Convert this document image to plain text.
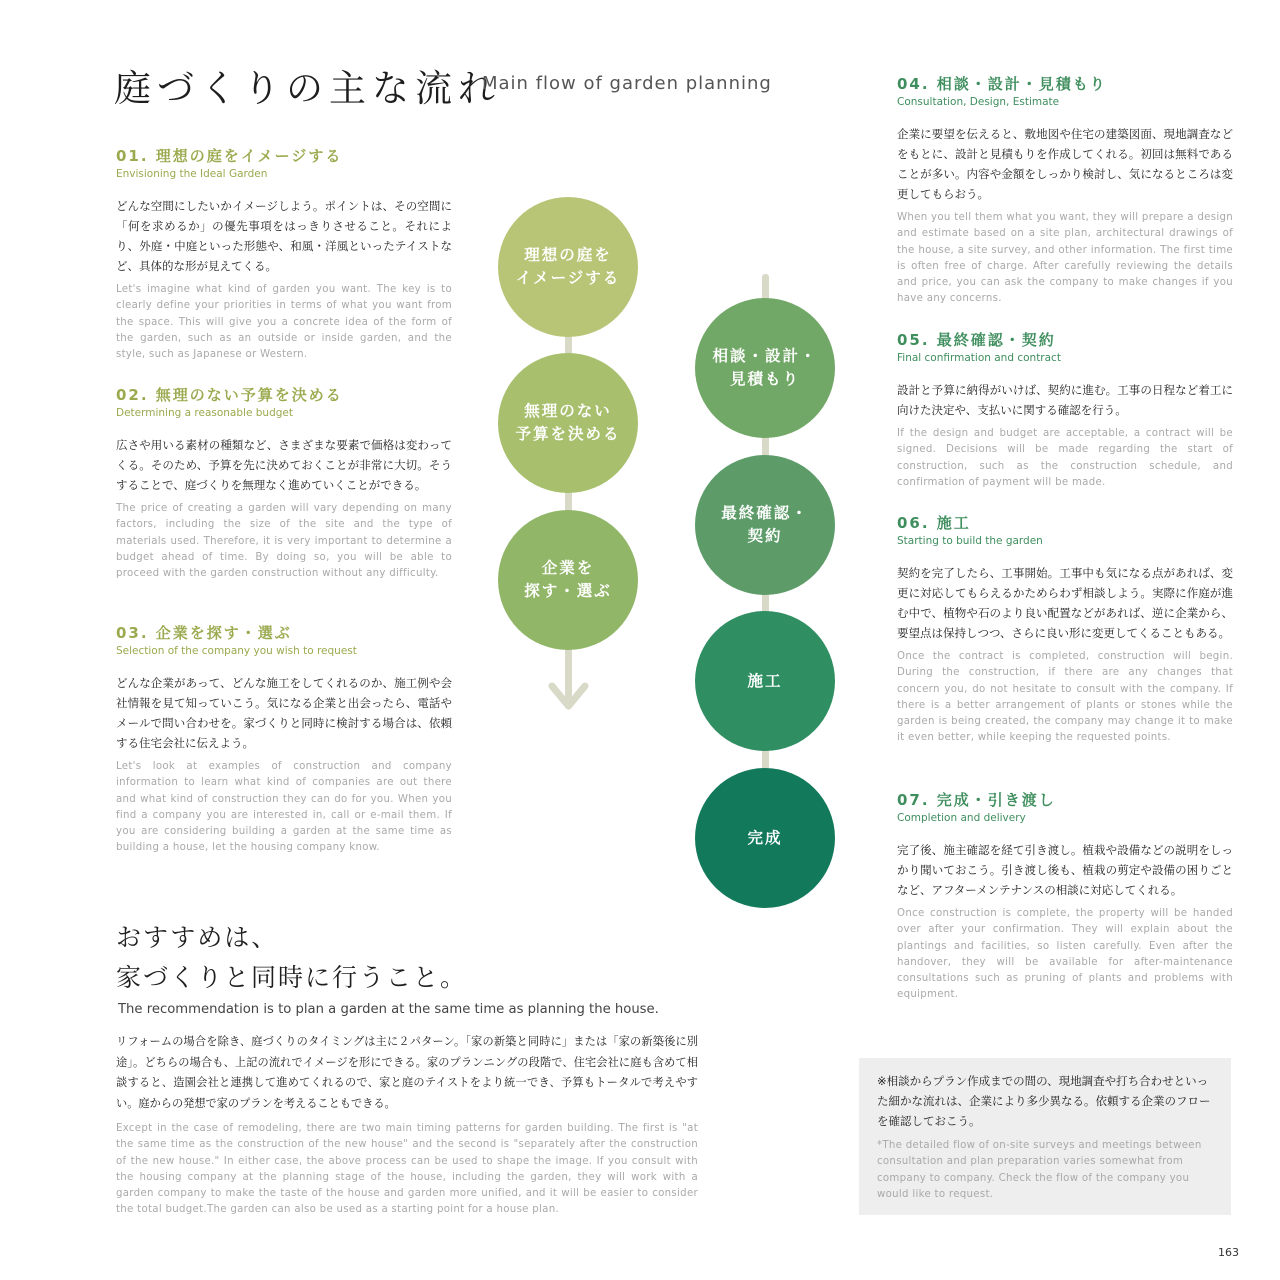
庭づくりの主な流れ
Main flow of garden planning
01. 理想の庭をイメージする
Envisioning the Ideal Garden
どんな空間にしたいかイメージしよう。ポイントは、その空間に「何を求めるか」の優先事項をはっきりさせること。それにより、外庭・中庭といった形態や、和風・洋風といったテイストなど、具体的な形が見えてくる。
Let's imagine what kind of garden you want. The key is to clearly define your priorities in terms of what you want from the space. This will give you a concrete idea of the form of the garden, such as an outside or inside garden, and the style, such as Japanese or Western.
02. 無理のない予算を決める
Determining a reasonable budget
広さや用いる素材の種類など、さまざまな要素で価格は変わってくる。そのため、予算を先に決めておくことが非常に大切。そうすることで、庭づくりを無理なく進めていくことができる。
The price of creating a garden will vary depending on many factors, including the size of the site and the type of materials used. Therefore, it is very important to determine a budget ahead of time. By doing so, you will be able to proceed with the garden construction without any difficulty.
03. 企業を探す・選ぶ
Selection of the company you wish to request
どんな企業があって、どんな施工をしてくれるのか、施工例や会社情報を見て知っていこう。気になる企業と出会ったら、電話やメールで問い合わせを。家づくりと同時に検討する場合は、依頼する住宅会社に伝えよう。
Let's look at examples of construction and company information to learn what kind of companies are out there and what kind of construction they can do for you. When you find a company you are interested in, call or e-mail them. If you are considering building a garden at the same time as building a house, let the housing company know.
04. 相談・設計・見積もり
Consultation, Design, Estimate
企業に要望を伝えると、敷地図や住宅の建築図面、現地調査などをもとに、設計と見積もりを作成してくれる。初回は無料であることが多い。内容や金額をしっかり検討し、気になるところは変更してもらおう。
When you tell them what you want, they will prepare a design and estimate based on a site plan, architectural drawings of the house, a site survey, and other information. The first time is often free of charge. After carefully reviewing the details and price, you can ask the company to make changes if you have any concerns.
05. 最終確認・契約
Final confirmation and contract
設計と予算に納得がいけば、契約に進む。工事の日程など着工に向けた決定や、支払いに関する確認を行う。
If the design and budget are acceptable, a contract will be signed. Decisions will be made regarding the start of construction, such as the construction schedule, and confirmation of payment will be made.
06. 施工
Starting to build the garden
契約を完了したら、工事開始。工事中も気になる点があれば、変更に対応してもらえるかためらわず相談しよう。実際に作庭が進む中で、植物や石のより良い配置などがあれば、逆に企業から、要望点は保持しつつ、さらに良い形に変更してくることもある。
Once the contract is completed, construction will begin. During the construction, if there are any changes that concern you, do not hesitate to consult with the company. If there is a better arrangement of plants or stones while the garden is being created, the company may change it to make it even better, while keeping the requested points.
07. 完成・引き渡し
Completion and delivery
完了後、施主確認を経て引き渡し。植栽や設備などの説明をしっかり聞いておこう。引き渡し後も、植栽の剪定や設備の困りごとなど、アフターメンテナンスの相談に対応してくれる。
Once construction is complete, the property will be handed over after your confirmation. They will explain about the plantings and facilities, so listen carefully. Even after the handover, they will be available for after-maintenance consultations such as pruning of plants and problems with equipment.
理想の庭を
イメージする
無理のない
予算を決める
企業を
探す・選ぶ
相談・設計・
見積もり
最終確認・
契約
施工
完成
おすすめは、
家づくりと同時に行うこと。
The recommendation is to plan a garden at the same time as planning the house.
リフォームの場合を除き、庭づくりのタイミングは主に２パターン。「家の新築と同時に」または「家の新築後に別途」。どちらの場合も、上記の流れでイメージを形にできる。家のプランニングの段階で、住宅会社に庭も含めて相談すると、造園会社と連携して進めてくれるので、家と庭のテイストをより統一でき、予算もトータルで考えやすい。庭からの発想で家のプランを考えることもできる。
Except in the case of remodeling, there are two main timing patterns for garden building. The first is "at the same time as the construction of the new house" and the second is "separately after the construction of the new house." In either case, the above process can be used to shape the image. If you consult with the housing company at the planning stage of the house, including the garden, they will work with a garden company to make the taste of the house and garden more unified, and it will be easier to consider the total budget.The garden can also be used as a starting point for a house plan.
※相談からプラン作成までの間の、現地調査や打ち合わせといった細かな流れは、企業により多少異なる。依頼する企業のフローを確認しておこう。
*The detailed flow of on-site surveys and meetings between consultation and plan preparation varies somewhat from company to company. Check the flow of the company you would like to request.
163
